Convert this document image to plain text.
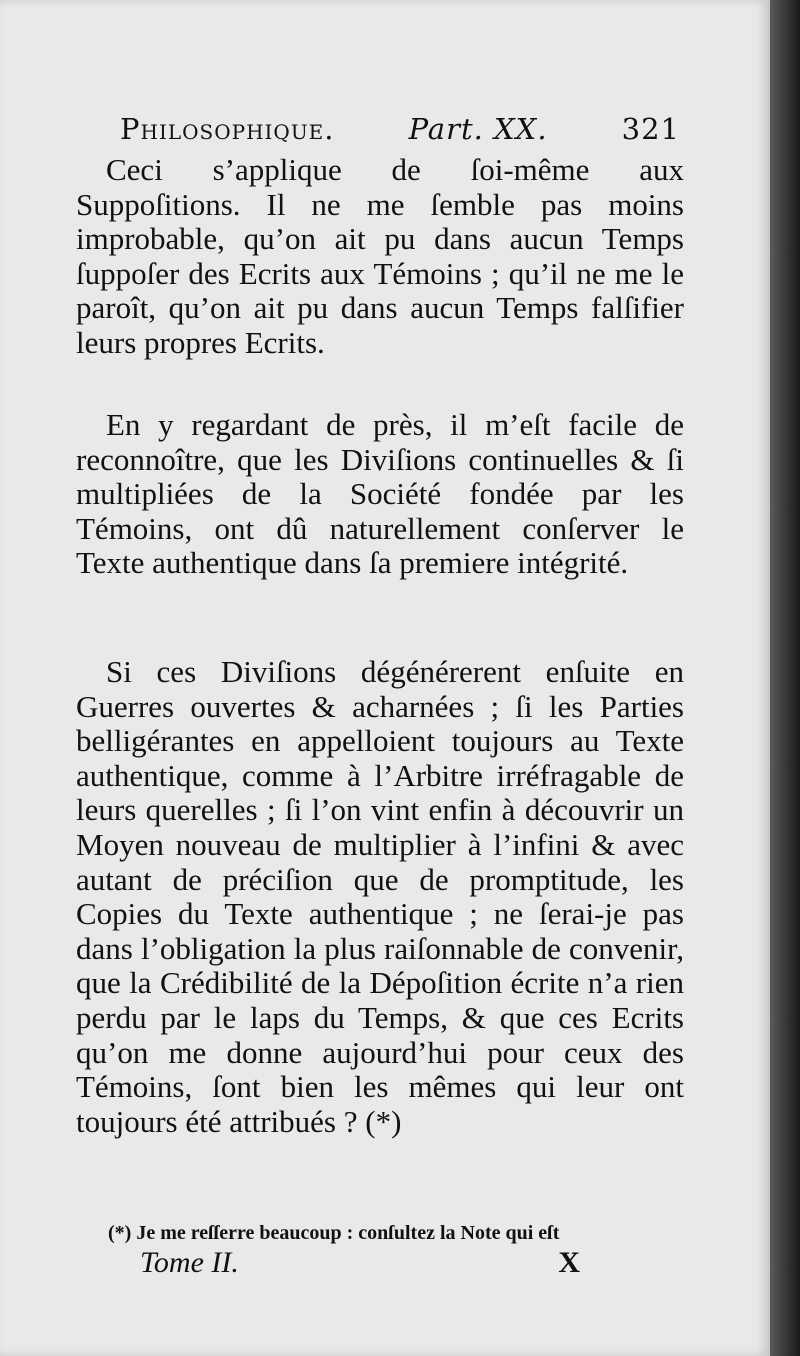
Philosophique.	Part. XX.	321
Ceci s’applique de ſoi-même aux Suppoſitions. Il ne me ſemble pas moins improbable, qu’on ait pu dans aucun Temps ſuppoſer des Ecrits aux Témoins ; qu’il ne me le paroît, qu’on ait pu dans aucun Temps falſifier leurs propres Ecrits.
En y regardant de près, il m’eſt facile de reconnoître, que les Diviſions continuelles & ſi multipliées de la Société fondée par les Témoins, ont dû naturellement conſerver le Texte authentique dans ſa premiere intégrité.
Si ces Diviſions dégénérerent enſuite en Guerres ouvertes & acharnées ; ſi les Parties belligérantes en appelloient toujours au Texte authentique, comme à l’Arbitre irréfragable de leurs querelles ; ſi l’on vint enfin à découvrir un Moyen nouveau de multiplier à l’infini & avec autant de préciſion que de promptitude, les Copies du Texte authentique ; ne ſerai-je pas dans l’obligation la plus raiſonnable de convenir, que la Crédibilité de la Dépoſition écrite n’a rien perdu par le laps du Temps, & que ces Ecrits qu’on me donne aujourd’hui pour ceux des Témoins, ſont bien les mêmes qui leur ont toujours été attribués ? (*)
(*) Je me reſſerre beaucoup : conſultez la Note qui eſt
Tome II.	X
